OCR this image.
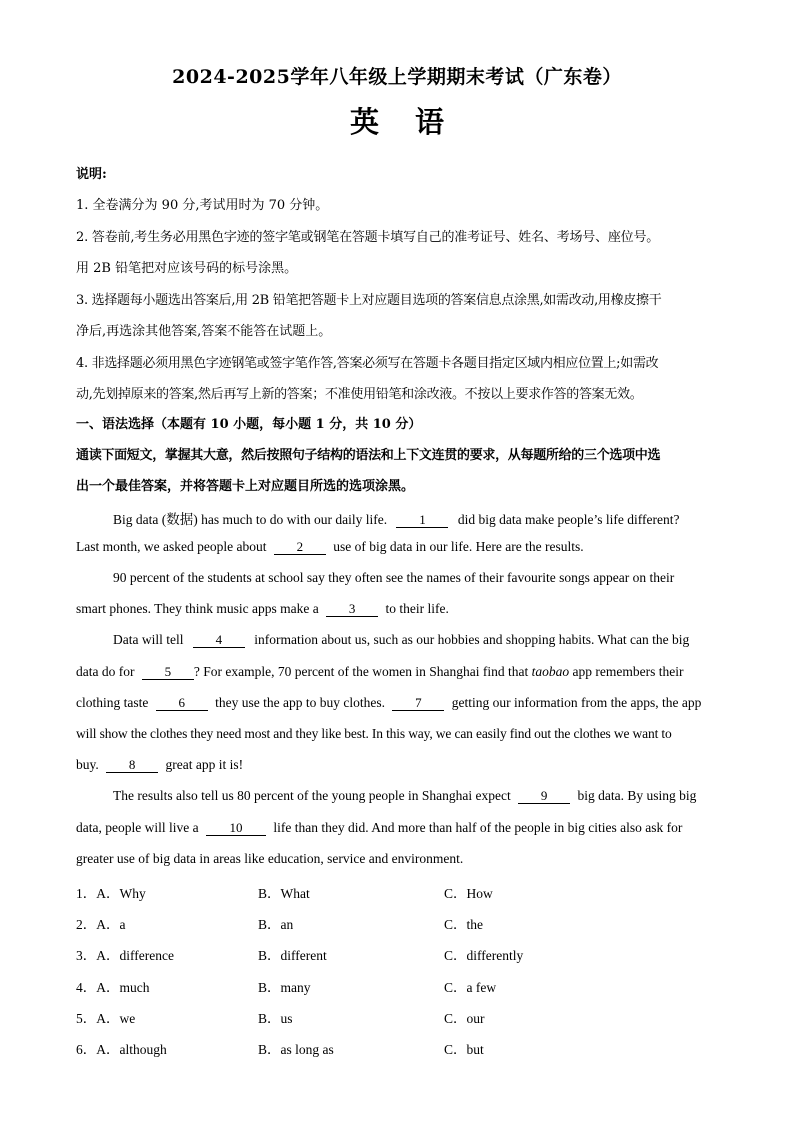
2024-2025学年八年级上学期期末考试（广东卷）
英 语
说明:
1. 全卷满分为 90 分,考试用时为 70 分钟。
2. 答卷前,考生务必用黑色字迹的签字笔或钢笔在答题卡填写自己的准考证号、姓名、考场号、座位号。
用 2B 铅笔把对应该号码的标号涂黑。
3. 选择题每小题选出答案后,用 2B 铅笔把答题卡上对应题目选项的答案信息点涂黑,如需改动,用橡皮擦干
净后,再选涂其他答案,答案不能答在试题上。
4. 非选择题必须用黑色字迹钢笔或签字笔作答,答案必须写在答题卡各题目指定区域内相应位置上;如需改
动,先划掉原来的答案,然后再写上新的答案；不准使用铅笔和涂改液。不按以上要求作答的答案无效。
一、语法选择（本题有 10 小题，每小题 1 分，共 10 分）
通读下面短文，掌握其大意，然后按照句子结构的语法和上下文连贯的要求，从每题所给的三个选项中选
出一个最佳答案，并将答题卡上对应题目所选的选项涂黑。
Big data (数据) has much to do with our daily life. 1 did big data make people’s life different?
Last month, we asked people about 2 use of big data in our life. Here are the results.
90 percent of the students at school say they often see the names of their favourite songs appear on their
smart phones. They think music apps make a 3 to their life.
Data will tell 4 information about us, such as our hobbies and shopping habits. What can the big
data do for 5 ? For example, 70 percent of the women in Shanghai find that taobao app remembers their
clothing taste 6 they use the app to buy clothes. 7 getting our information from the apps, the app
will show the clothes they need most and they like best. In this way, we can easily find out the clothes we want to
buy. 8 great app it is!
The results also tell us 80 percent of the young people in Shanghai expect 9 big data. By using big
data, people will live a 10 life than they did. And more than half of the people in big cities also ask for
greater use of big data in areas like education, service and environment.
1．A．Why	B．What	C．How
2．A．a	B．an	C．the
3．A．difference	B．different	C．differently
4．A．much	B．many	C．a few
5．A．we	B．us	C．our
6．A．although	B．as long as	C．but
